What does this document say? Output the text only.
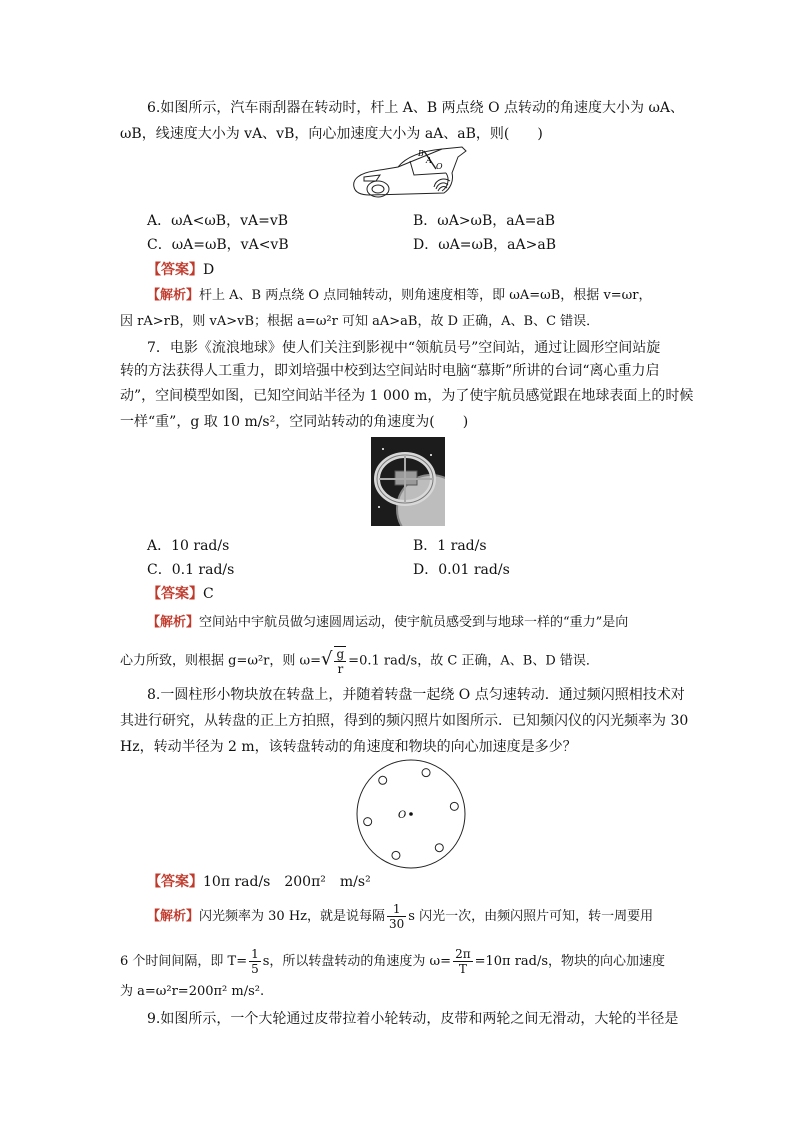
6.如图所示，汽车雨刮器在转动时，杆上 A、B 两点绕 O 点转动的角速度大小为 ωA、
ωB，线速度大小为 vA、vB，向心加速度大小为 aA、aB，则(　　)
B
A
O
A．ωA<ωB，vA=vB	B．ωA>ωB，aA=aB
C．ωA=ωB，vA<vB	D．ωA=ωB，aA>aB
【答案】D
【解析】杆上 A、B 两点绕 O 点同轴转动，则角速度相等，即 ωA=ωB，根据 v=ωr，
因 rA>rB，则 vA>vB；根据 a=ω²r 可知 aA>aB，故 D 正确，A、B、C 错误．
7．电影《流浪地球》使人们关注到影视中“领航员号”空间站，通过让圆形空间站旋
转的方法获得人工重力，即刘培强中校到达空间站时电脑“慕斯”所讲的台词“离心重力启
动”，空间模型如图，已知空间站半径为 1 000 m，为了使宇航员感觉跟在地球表面上的时候
一样“重”，g 取 10 m/s²，空同站转动的角速度为(　　)
A．10 rad/s	B．1 rad/s
C．0.1 rad/s	D．0.01 rad/s
【答案】C
【解析】空间站中宇航员做匀速圆周运动，使宇航员感受到与地球一样的“重力”是向
心力所致，则根据 g=ω²r，则 $\omega=√ \frac{g}{r} =0.1$ rad/s，故 C 正确，A、B、D 错误．
8.一圆柱形小物块放在转盘上，并随着转盘一起绕 O 点匀速转动．通过频闪照相技术对
其进行研究，从转盘的正上方拍照，得到的频闪照片如图所示．已知频闪仪的闪光频率为 30
Hz，转动半径为 2 m，该转盘转动的角速度和物块的向心加速度是多少？
O
【答案】10π rad/s　200π²　m/s²
【解析】闪光频率为 30 Hz，就是说每隔 $\frac{1}{30}$ s 闪光一次，由频闪照片可知，转一周要用
6 个时间间隔，即 $T= \frac{1}{5}$ s，所以转盘转动的角速度为 $\omega= \frac{2\pi}{T} =10\pi$ rad/s，物块的向心加速度
为 a=ω²r=200π² m/s².
9.如图所示，一个大轮通过皮带拉着小轮转动，皮带和两轮之间无滑动，大轮的半径是
